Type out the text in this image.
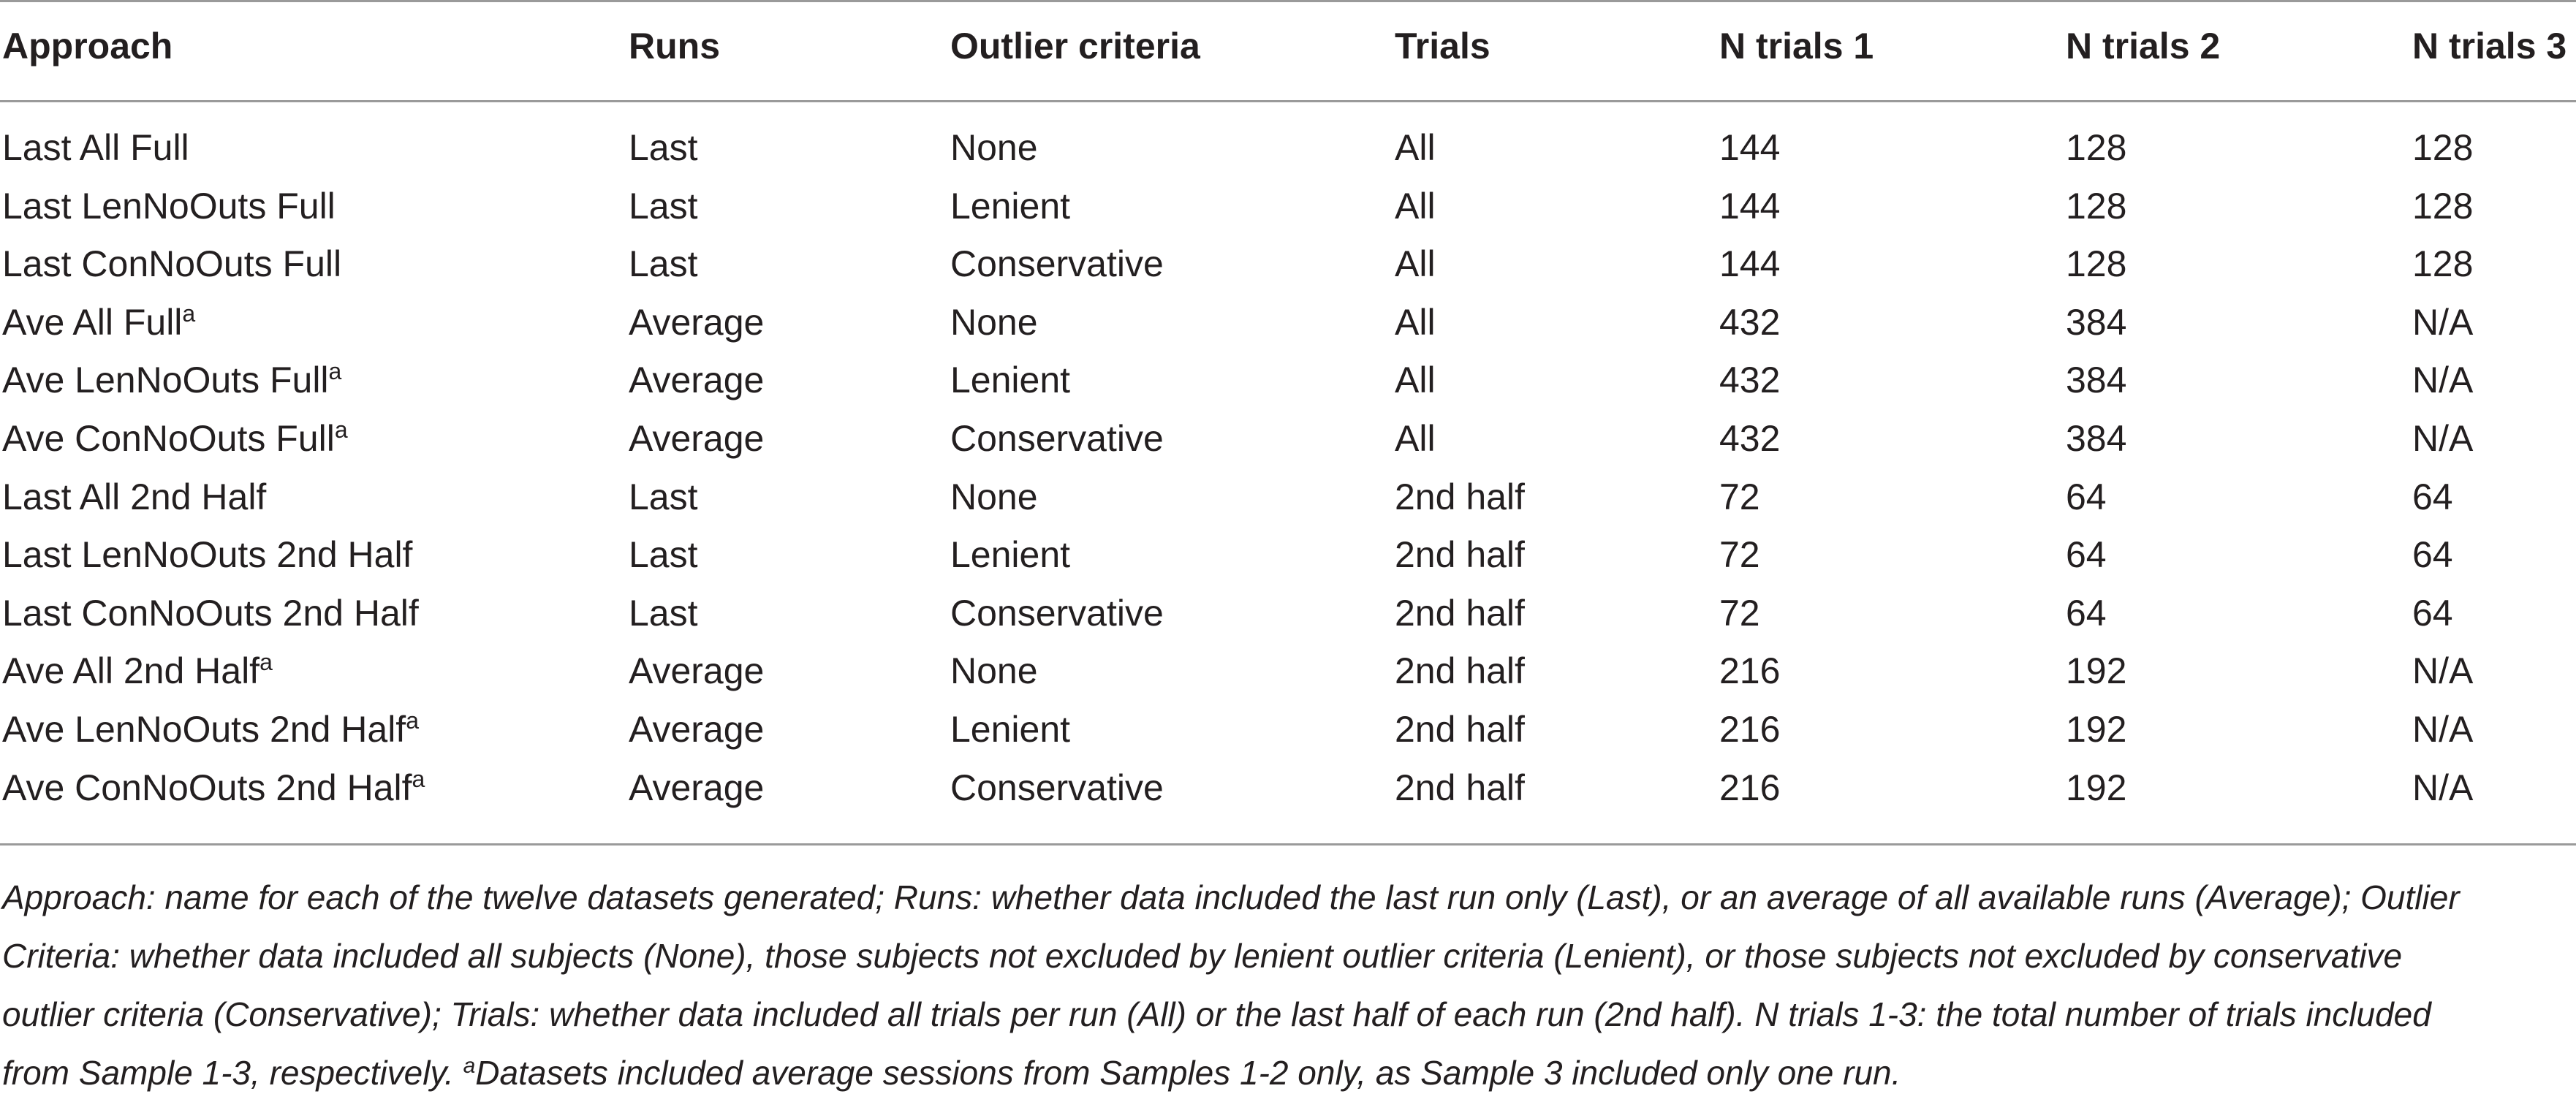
Approach	Runs	Outlier criteria	Trials	N trials 1	N trials 2	N trials 3
Last All Full	Last	None	All	144	128	128
Last LenNoOuts Full	Last	Lenient	All	144	128	128
Last ConNoOuts Full	Last	Conservative	All	144	128	128
Ave All Full$^a$	Average	None	All	432	384	N/A
Ave LenNoOuts Full$^a$	Average	Lenient	All	432	384	N/A
Ave ConNoOuts Full$^a$	Average	Conservative	All	432	384	N/A
Last All 2nd Half	Last	None	2nd half	72	64	64
Last LenNoOuts 2nd Half	Last	Lenient	2nd half	72	64	64
Last ConNoOuts 2nd Half	Last	Conservative	2nd half	72	64	64
Ave All 2nd Half$^a$	Average	None	2nd half	216	192	N/A
Ave LenNoOuts 2nd Half$^a$	Average	Lenient	2nd half	216	192	N/A
Ave ConNoOuts 2nd Half$^a$	Average	Conservative	2nd half	216	192	N/A
Approach: name for each of the twelve datasets generated; Runs: whether data included the last run only (Last), or an average of all available runs (Average); Outlier
Criteria: whether data included all subjects (None), those subjects not excluded by lenient outlier criteria (Lenient), or those subjects not excluded by conservative
outlier criteria (Conservative); Trials: whether data included all trials per run (All) or the last half of each run (2nd half). N trials 1-3: the total number of trials included
from Sample 1-3, respectively. $^a$Datasets included average sessions from Samples 1-2 only, as Sample 3 included only one run.
